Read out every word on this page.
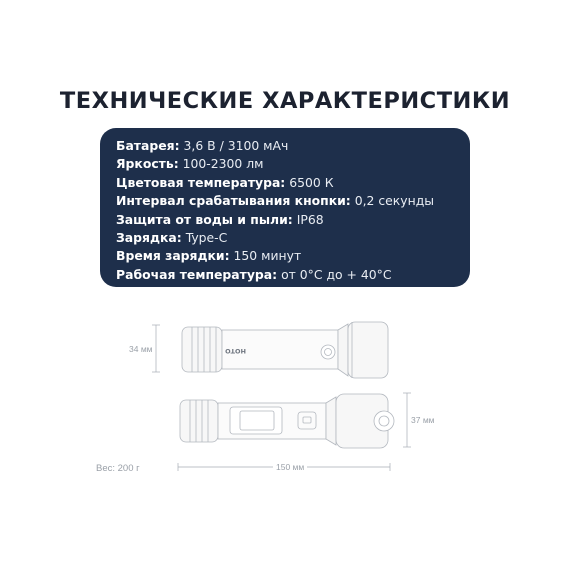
ТЕХНИЧЕСКИЕ ХАРАКТЕРИСТИКИ
Батарея: 3,6 В / 3100 мАч
Яркость: 100-2300 лм
Цветовая температура: 6500 К
Интервал срабатывания кнопки: 0,2 секунды
Защита от воды и пыли: IP68
Зарядка: Type-C
Время зарядки: 150 минут
Рабочая температура: от 0°C до + 40°C
HOTO
34 мм
37 мм
150 мм
Вес: 200 г
